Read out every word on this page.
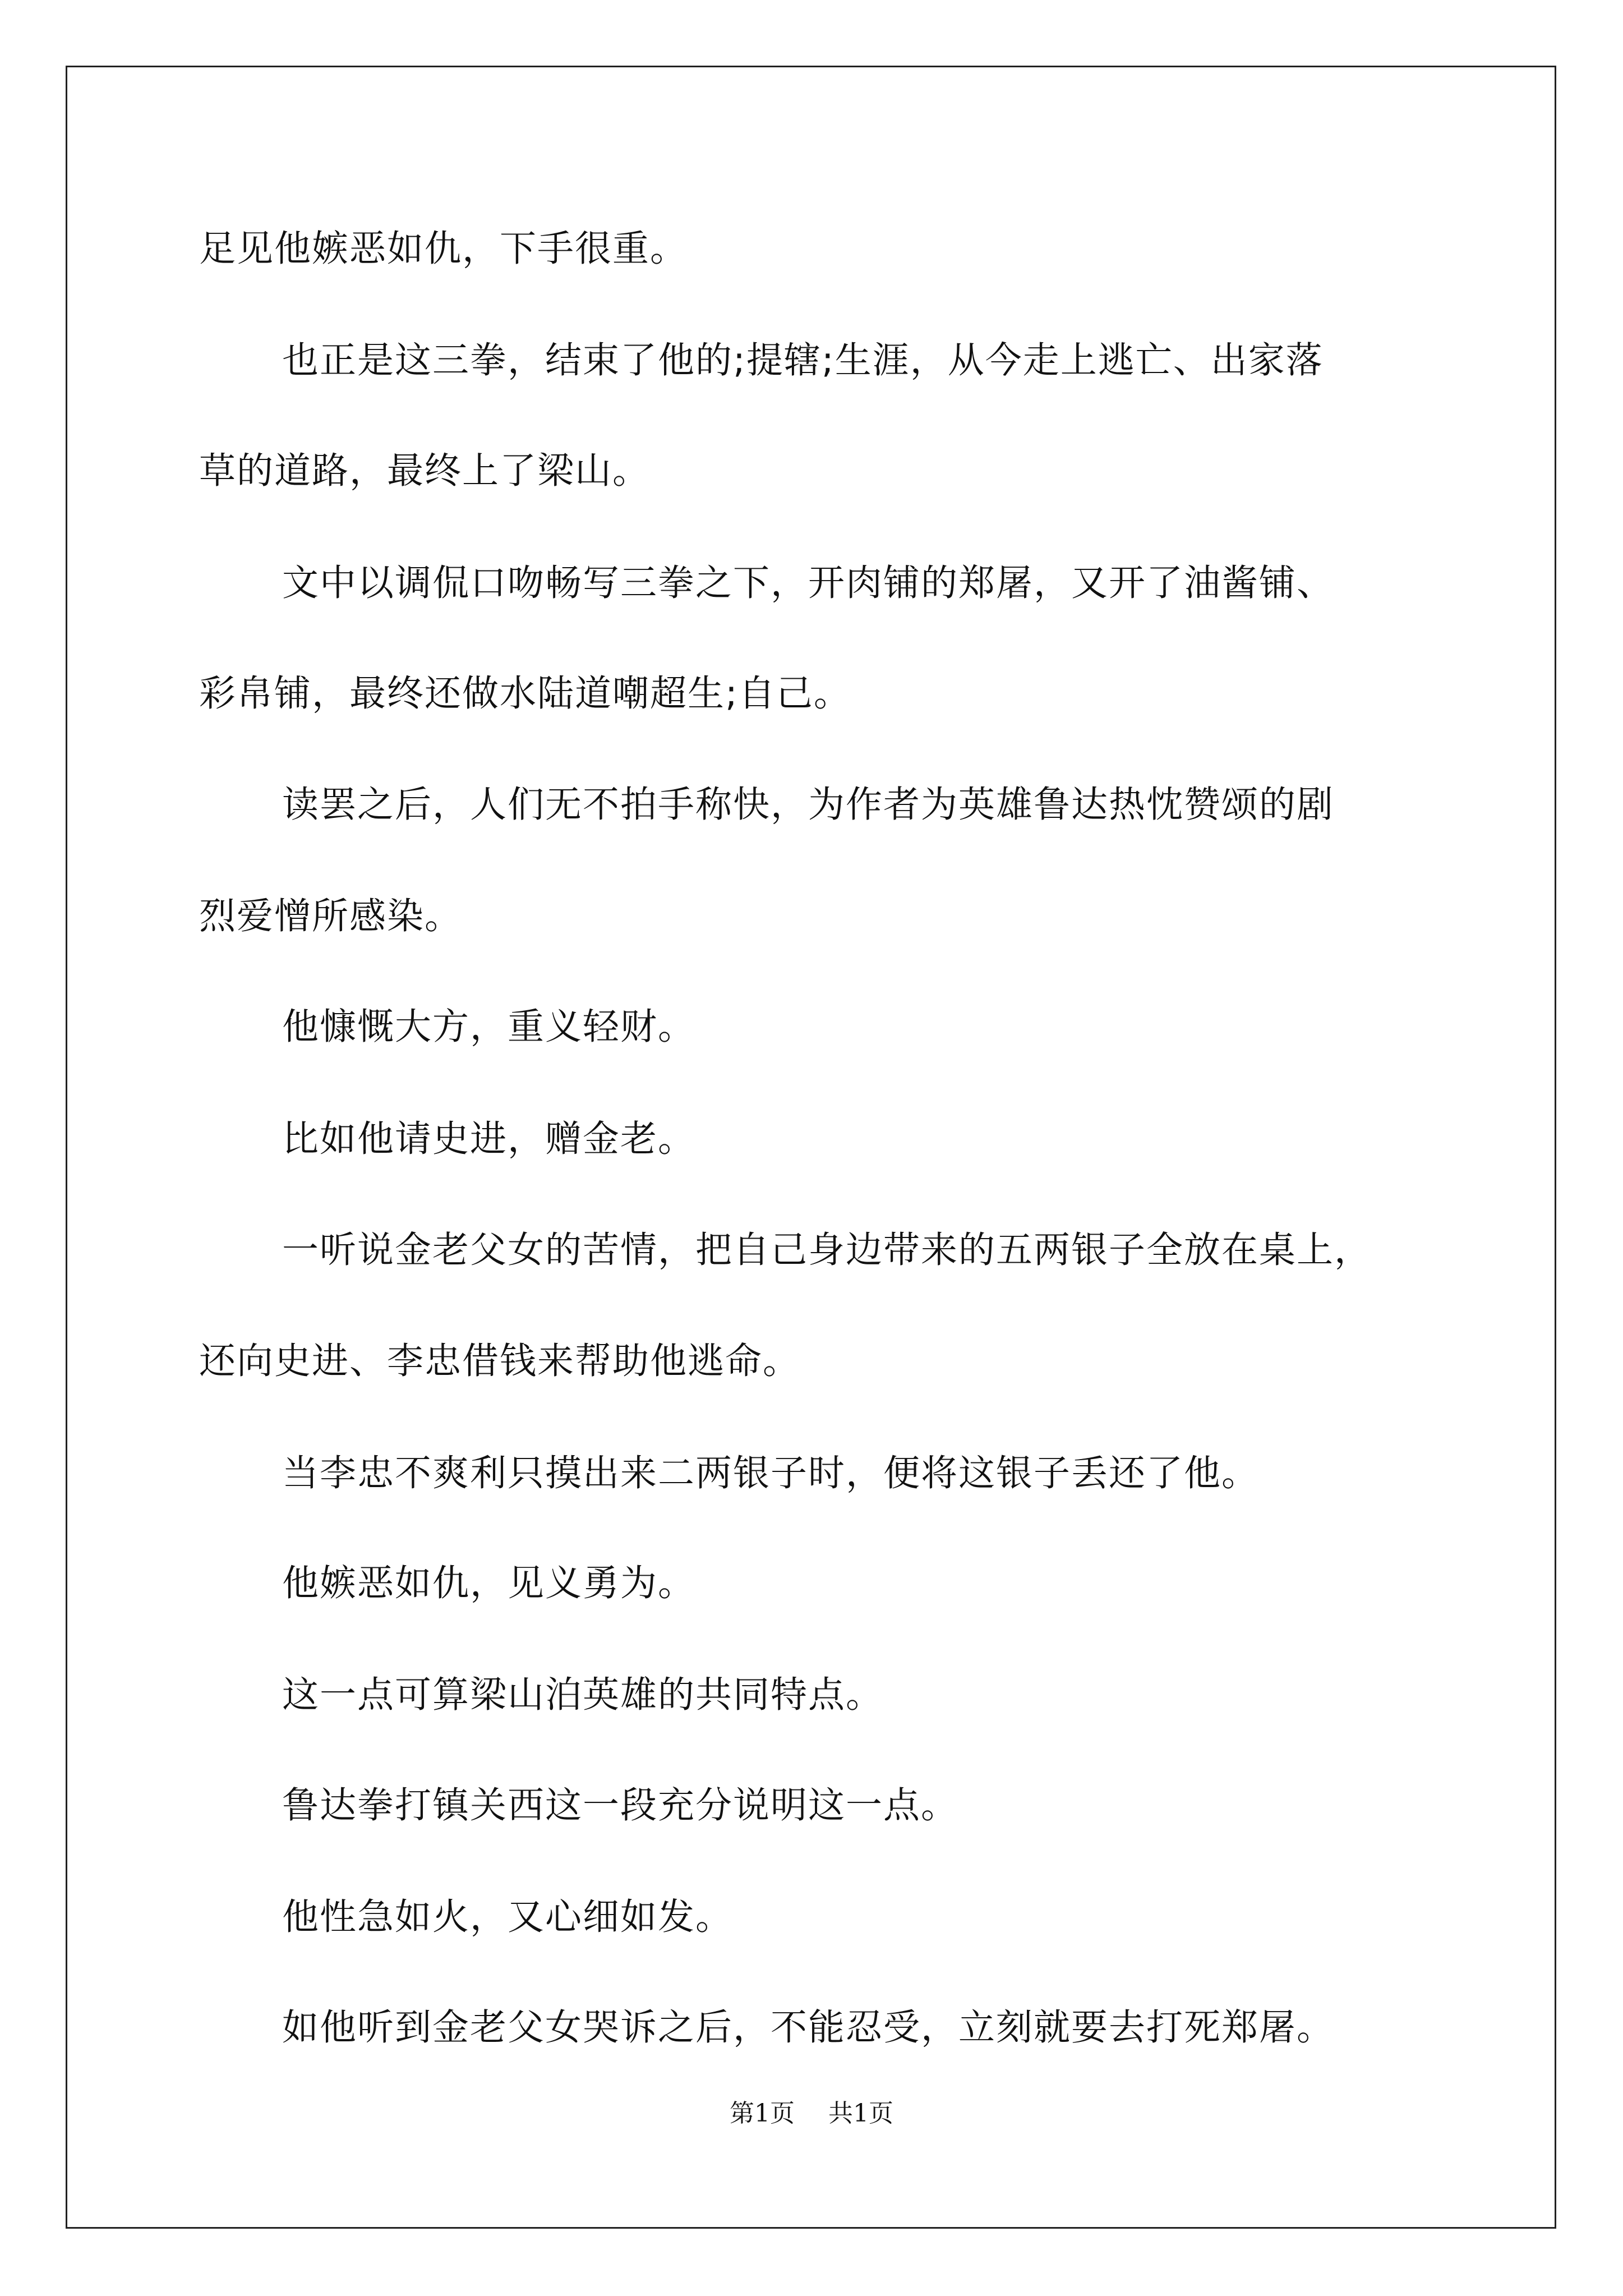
足见他嫉恶如仇，下手很重。
也正是这三拳，结束了他的;提辖;生涯，从今走上逃亡、出家落
草的道路，最终上了梁山。
文中以调侃口吻畅写三拳之下，开肉铺的郑屠，又开了油酱铺、
彩帛铺，最终还做水陆道嘲超生;自己。
读罢之后，人们无不拍手称快，为作者为英雄鲁达热忱赞颂的剧
烈爱憎所感染。
他慷慨大方，重义轻财。
比如他请史进，赠金老。
一听说金老父女的苦情，把自己身边带来的五两银子全放在桌上，
还向史进、李忠借钱来帮助他逃命。
当李忠不爽利只摸出来二两银子时，便将这银子丢还了他。
他嫉恶如仇，见义勇为。
这一点可算梁山泊英雄的共同特点。
鲁达拳打镇关西这一段充分说明这一点。
他性急如火，又心细如发。
如他听到金老父女哭诉之后，不能忍受，立刻就要去打死郑屠。
第1页 共1页
